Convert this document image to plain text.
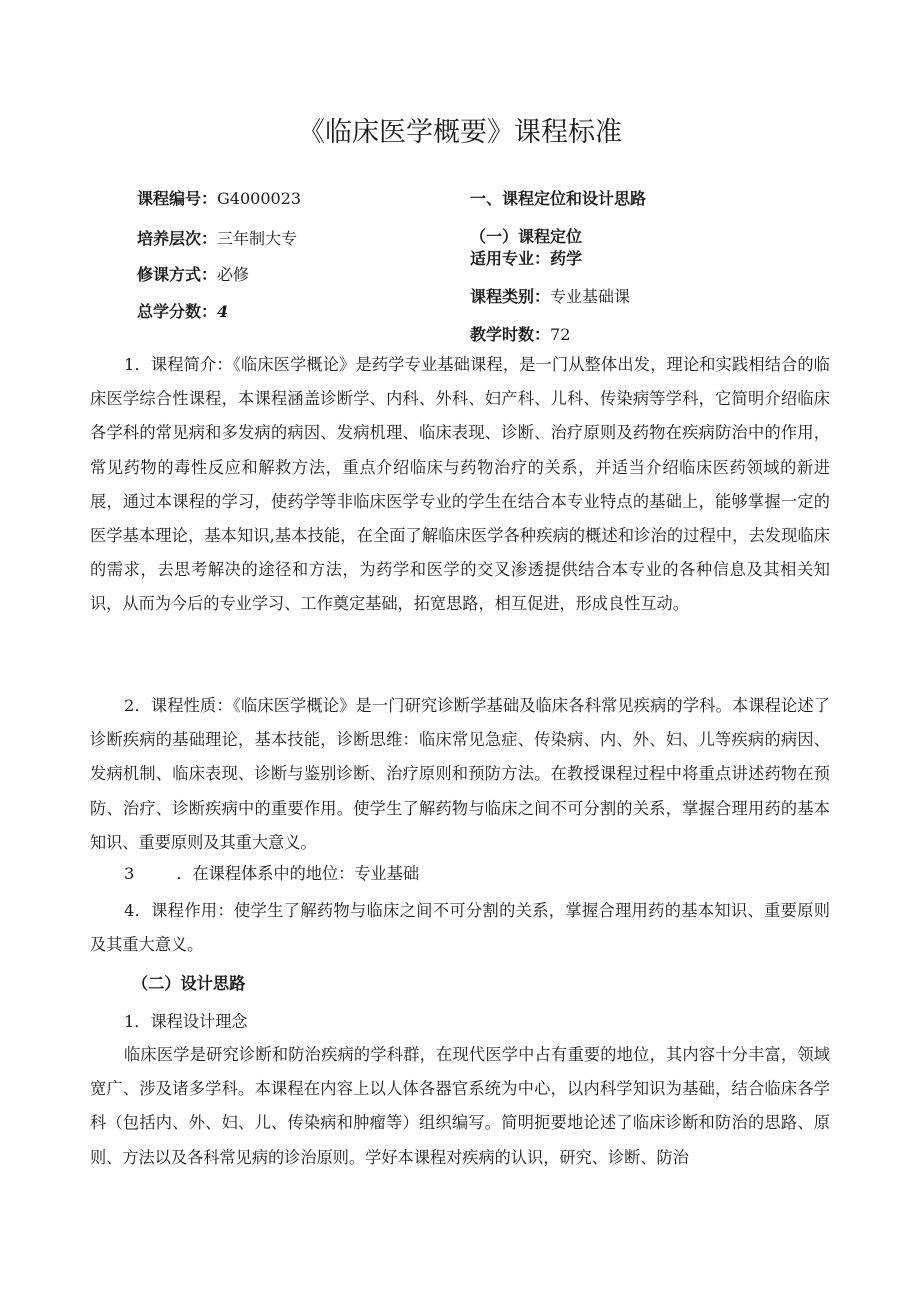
《临床医学概要》课程标准
课程编号：G4000023
培养层次：三年制大专
修课方式：必修
总学分数：4
一、课程定位和设计思路
（一）课程定位
适用专业：药学
课程类别：专业基础课
教学时数：72
1．课程简介：《临床医学概论》是药学专业基础课程，是一门从整体出发，理论和实践相结合的临床医学综合性课程，本课程涵盖诊断学、内科、外科、妇产科、儿科、传染病等学科，它简明介绍临床各学科的常见病和多发病的病因、发病机理、临床表现、诊断、治疗原则及药物在疾病防治中的作用，常见药物的毒性反应和解救方法，重点介绍临床与药物治疗的关系，并适当介绍临床医药领域的新进展，通过本课程的学习，使药学等非临床医学专业的学生在结合本专业特点的基础上，能够掌握一定的医学基本理论，基本知识,基本技能，在全面了解临床医学各种疾病的概述和诊治的过程中，去发现临床的需求，去思考解决的途径和方法，为药学和医学的交叉渗透提供结合本专业的各种信息及其相关知识，从而为今后的专业学习、工作奠定基础，拓宽思路，相互促进，形成良性互动。
2．课程性质：《临床医学概论》是一门研究诊断学基础及临床各科常见疾病的学科。本课程论述了诊断疾病的基础理论，基本技能，诊断思维：临床常见急症、传染病、内、外、妇、儿等疾病的病因、发病机制、临床表现、诊断与鉴别诊断、治疗原则和预防方法。在教授课程过程中将重点讲述药物在预防、治疗、诊断疾病中的重要作用。使学生了解药物与临床之间不可分割的关系，掌握合理用药的基本知识、重要原则及其重大意义。
3	．在课程体系中的地位：专业基础
4．课程作用：使学生了解药物与临床之间不可分割的关系，掌握合理用药的基本知识、重要原则及其重大意义。
（二）设计思路
1．课程设计理念
临床医学是研究诊断和防治疾病的学科群，在现代医学中占有重要的地位，其内容十分丰富，领域宽广、涉及诸多学科。本课程在内容上以人体各器官系统为中心，以内科学知识为基础，结合临床各学科（包括内、外、妇、儿、传染病和肿瘤等）组织编写。简明扼要地论述了临床诊断和防治的思路、原则、方法以及各科常见病的诊治原则。学好本课程对疾病的认识，研究、诊断、防治
